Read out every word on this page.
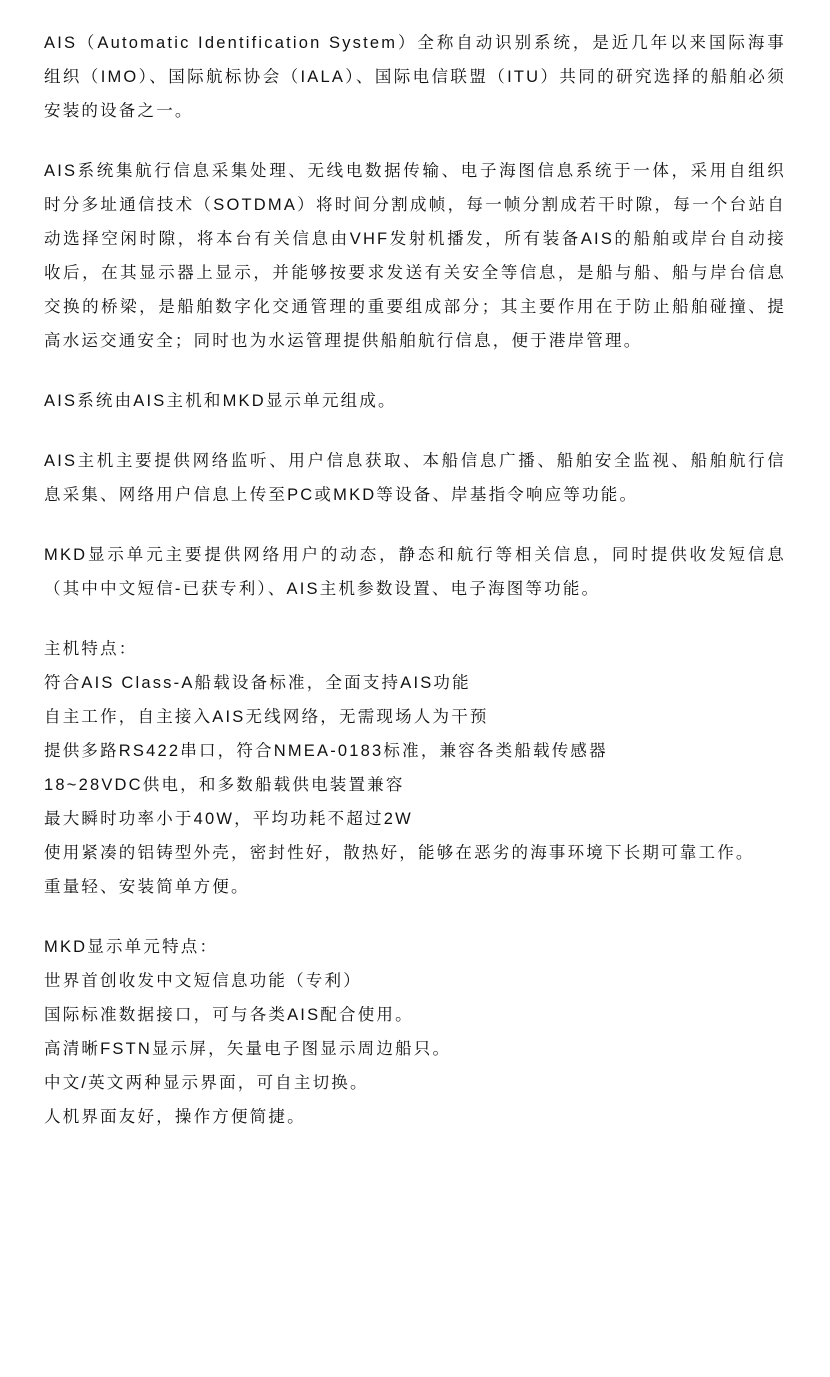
AIS（Automatic Identification System）全称自动识别系统，是近几年以来国际海事组织（IMO）、国际航标协会（IALA）、国际电信联盟（ITU）共同的研究选择的船舶必须安装的设备之一。

AIS系统集航行信息采集处理、无线电数据传输、电子海图信息系统于一体，采用自组织时分多址通信技术（SOTDMA）将时间分割成帧，每一帧分割成若干时隙，每一个台站自动选择空闲时隙，将本台有关信息由VHF发射机播发，所有装备AIS的船舶或岸台自动接收后，在其显示器上显示，并能够按要求发送有关安全等信息，是船与船、船与岸台信息交换的桥梁，是船舶数字化交通管理的重要组成部分；其主要作用在于防止船舶碰撞、提高水运交通安全；同时也为水运管理提供船舶航行信息，便于港岸管理。

AIS系统由AIS主机和MKD显示单元组成。

AIS主机主要提供网络监听、用户信息获取、本船信息广播、船舶安全监视、船舶航行信息采集、网络用户信息上传至PC或MKD等设备、岸基指令响应等功能。

MKD显示单元主要提供网络用户的动态，静态和航行等相关信息，同时提供收发短信息（其中中文短信-已获专利）、AIS主机参数设置、电子海图等功能。

主机特点：

符合AIS Class-A船载设备标准，全面支持AIS功能

自主工作，自主接入AIS无线网络，无需现场人为干预

提供多路RS422串口，符合NMEA-0183标准，兼容各类船载传感器

18~28VDC供电，和多数船载供电装置兼容

最大瞬时功率小于40W，平均功耗不超过2W

使用紧凑的铝铸型外壳，密封性好，散热好，能够在恶劣的海事环境下长期可靠工作。

重量轻、安装简单方便。

MKD显示单元特点：

世界首创收发中文短信息功能（专利）

国际标准数据接口，可与各类AIS配合使用。

高清晰FSTN显示屏，矢量电子图显示周边船只。

中文/英文两种显示界面，可自主切换。

人机界面友好，操作方便简捷。
